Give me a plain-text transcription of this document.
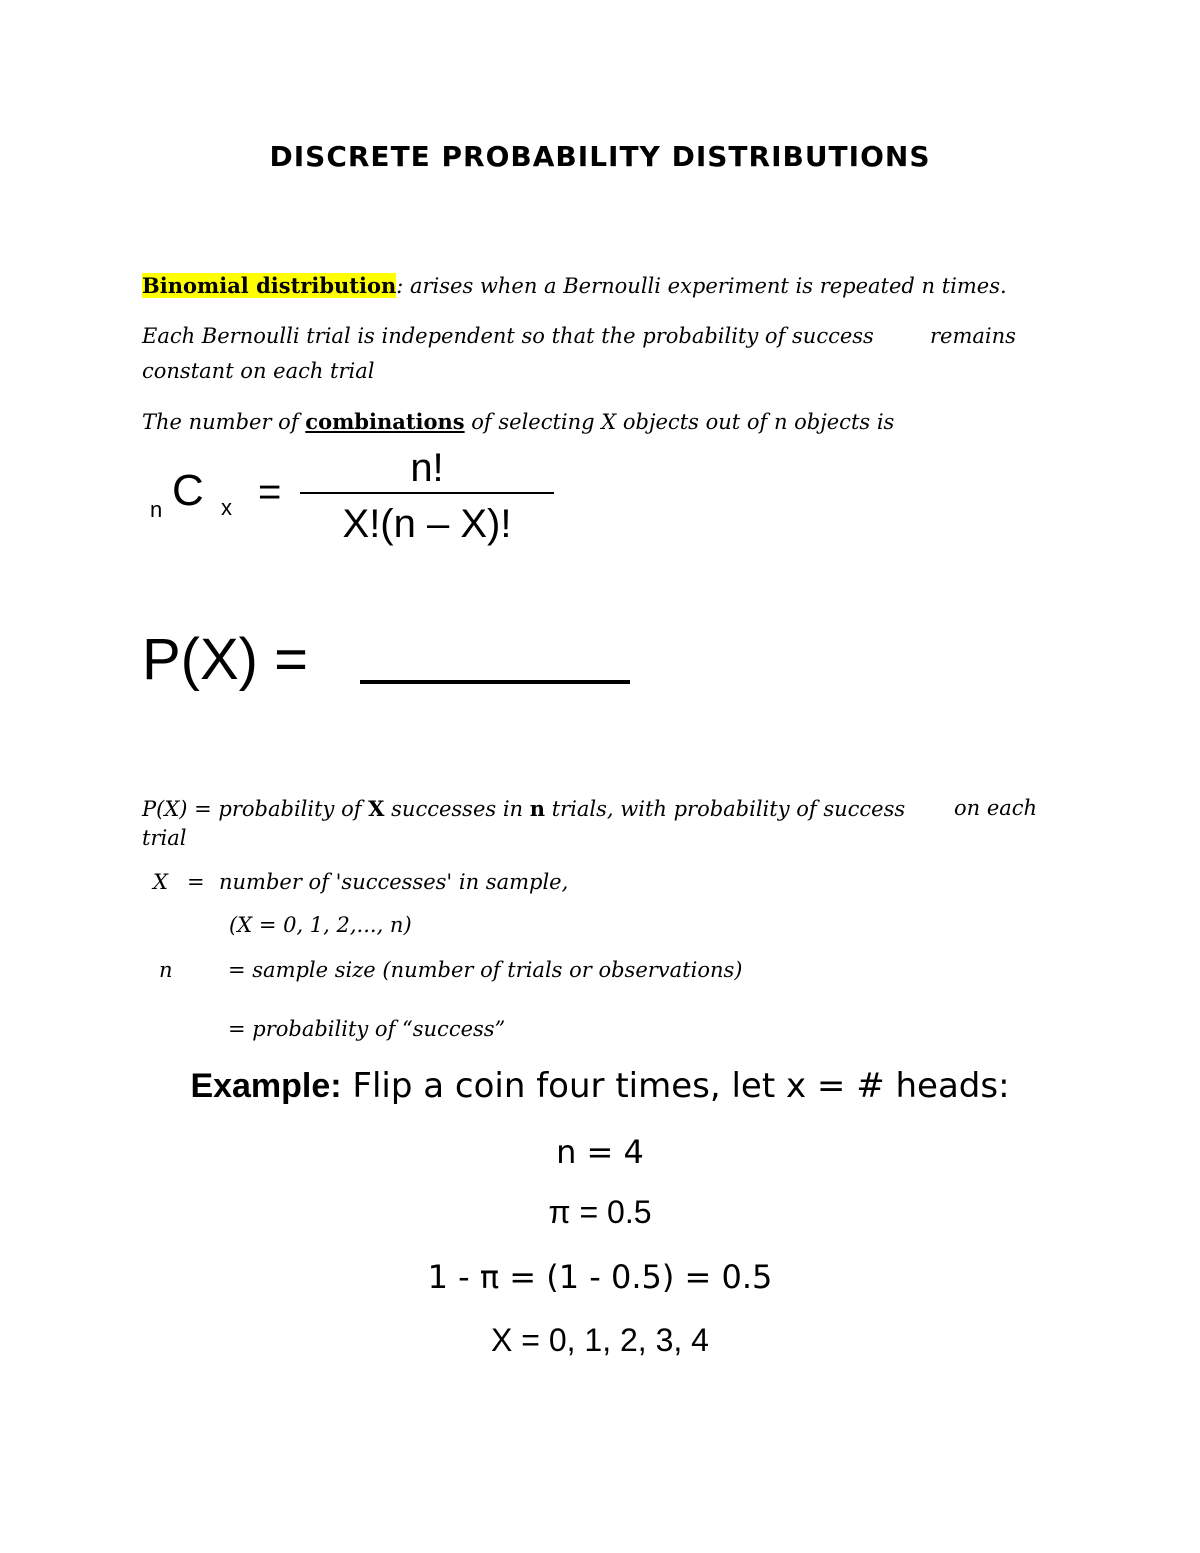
DISCRETE PROBABILITY DISTRIBUTIONS
Binomial distribution: arises when a Bernoulli experiment is repeated n times.
Each Bernoulli trial is independent so that the probability of success	remains
constant on each trial
The number of combinations of selecting X objects out of n objects is
n C x =
n!
X!(n – X)!
P(X) =
P(X) = probability of X successes in n trials, with probability of success on each
trial
X = number of 'successes' in sample,
(X = 0, 1, 2,..., n)
n	= sample size (number of trials or observations)
= probability of “success”
Example: Flip a coin four times, let x = # heads:
n = 4
π = 0.5
1 - π = (1 - 0.5) = 0.5
X = 0, 1, 2, 3, 4
